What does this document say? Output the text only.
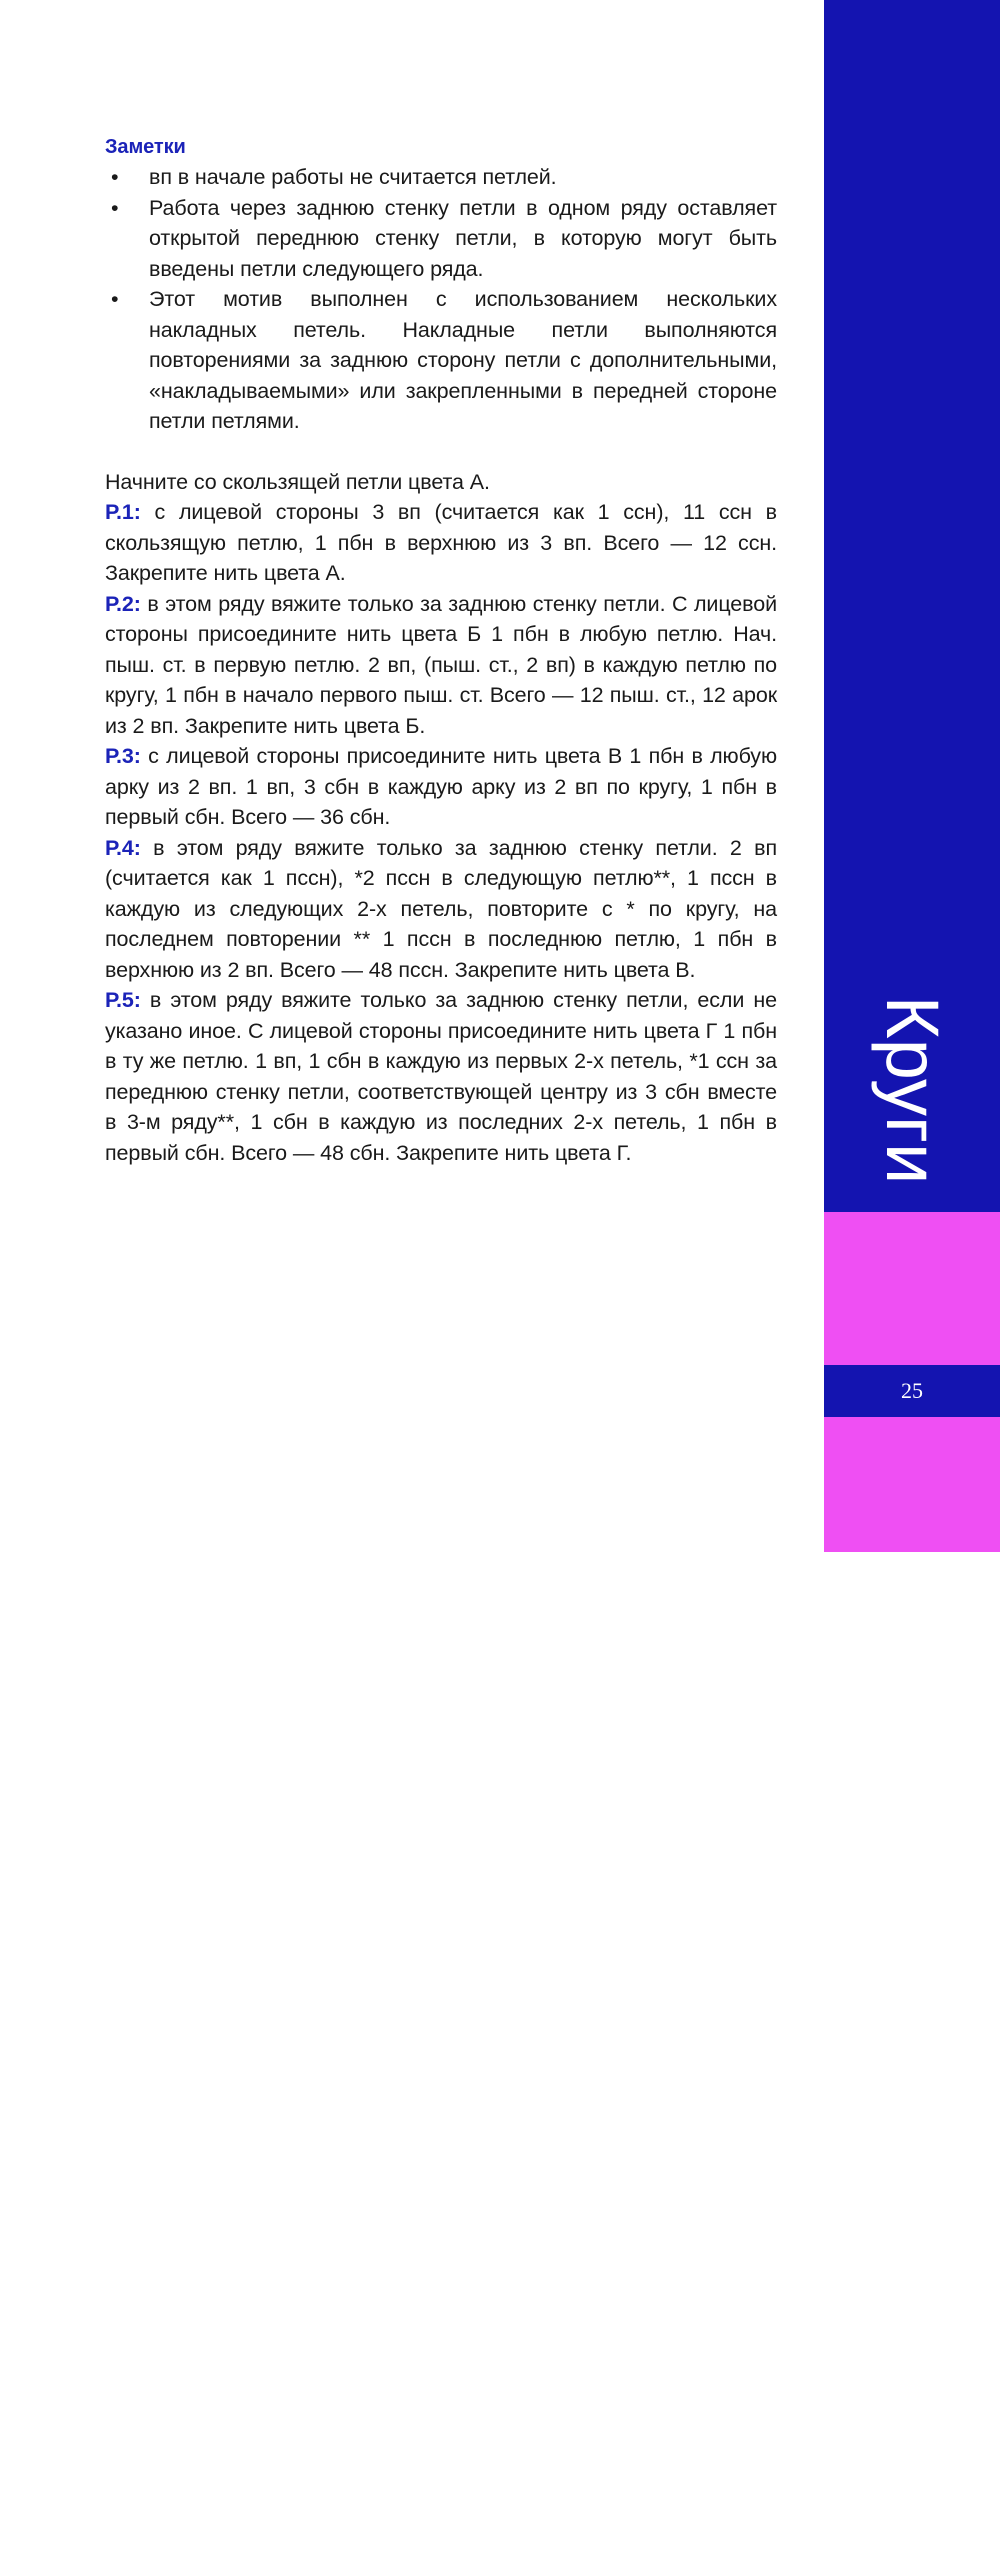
Заметки
• вп в начале работы не считается петлей.
• Работа через заднюю стенку петли в одном ряду оставляет открытой переднюю стенку петли, в которую могут быть введены петли следующего ряда.
• Этот мотив выполнен с использованием нескольких накладных петель. Накладные петли выполняются повторениями за заднюю сторону петли с дополнительными, «накладываемыми» или закрепленными в передней стороне петли петлями.

Начните со скользящей петли цвета А.

Р.1: с лицевой стороны 3 вп (считается как 1 ссн), 11 ссн в скользящую петлю, 1 пбн в верхнюю из 3 вп. Всего — 12 ссн. Закрепите нить цвета А.

Р.2: в этом ряду вяжите только за заднюю стенку петли. С лицевой стороны присоедините нить цвета Б 1 пбн в любую петлю. Нач. пыш. ст. в первую петлю. 2 вп, (пыш. ст., 2 вп) в каждую петлю по кругу, 1 пбн в начало первого пыш. ст. Всего — 12 пыш. ст., 12 арок из 2 вп. Закрепите нить цвета Б.

Р.3: с лицевой стороны присоедините нить цвета В 1 пбн в любую арку из 2 вп. 1 вп, 3 сбн в каждую арку из 2 вп по кругу, 1 пбн в первый сбн. Всего — 36 сбн.

Р.4: в этом ряду вяжите только за заднюю стенку петли. 2 вп (считается как 1 пссн), *2 пссн в следующую петлю**, 1 пссн в каждую из следующих 2-х петель, повторите с * по кругу, на последнем повторении ** 1 пссн в последнюю петлю, 1 пбн в верхнюю из 2 вп. Всего — 48 пссн. Закрепите нить цвета В.

Р.5: в этом ряду вяжите только за заднюю стенку петли, если не указано иное. С лицевой стороны присоедините нить цвета Г 1 пбн в ту же петлю. 1 вп, 1 сбн в каждую из первых 2-х петель, *1 ссн за переднюю стенку петли, соответствующей центру из 3 сбн вместе в 3-м ряду**, 1 сбн в каждую из последних 2-х петель, 1 пбн в первый сбн. Всего — 48 сбн. Закрепите нить цвета Г.	Круги
25
